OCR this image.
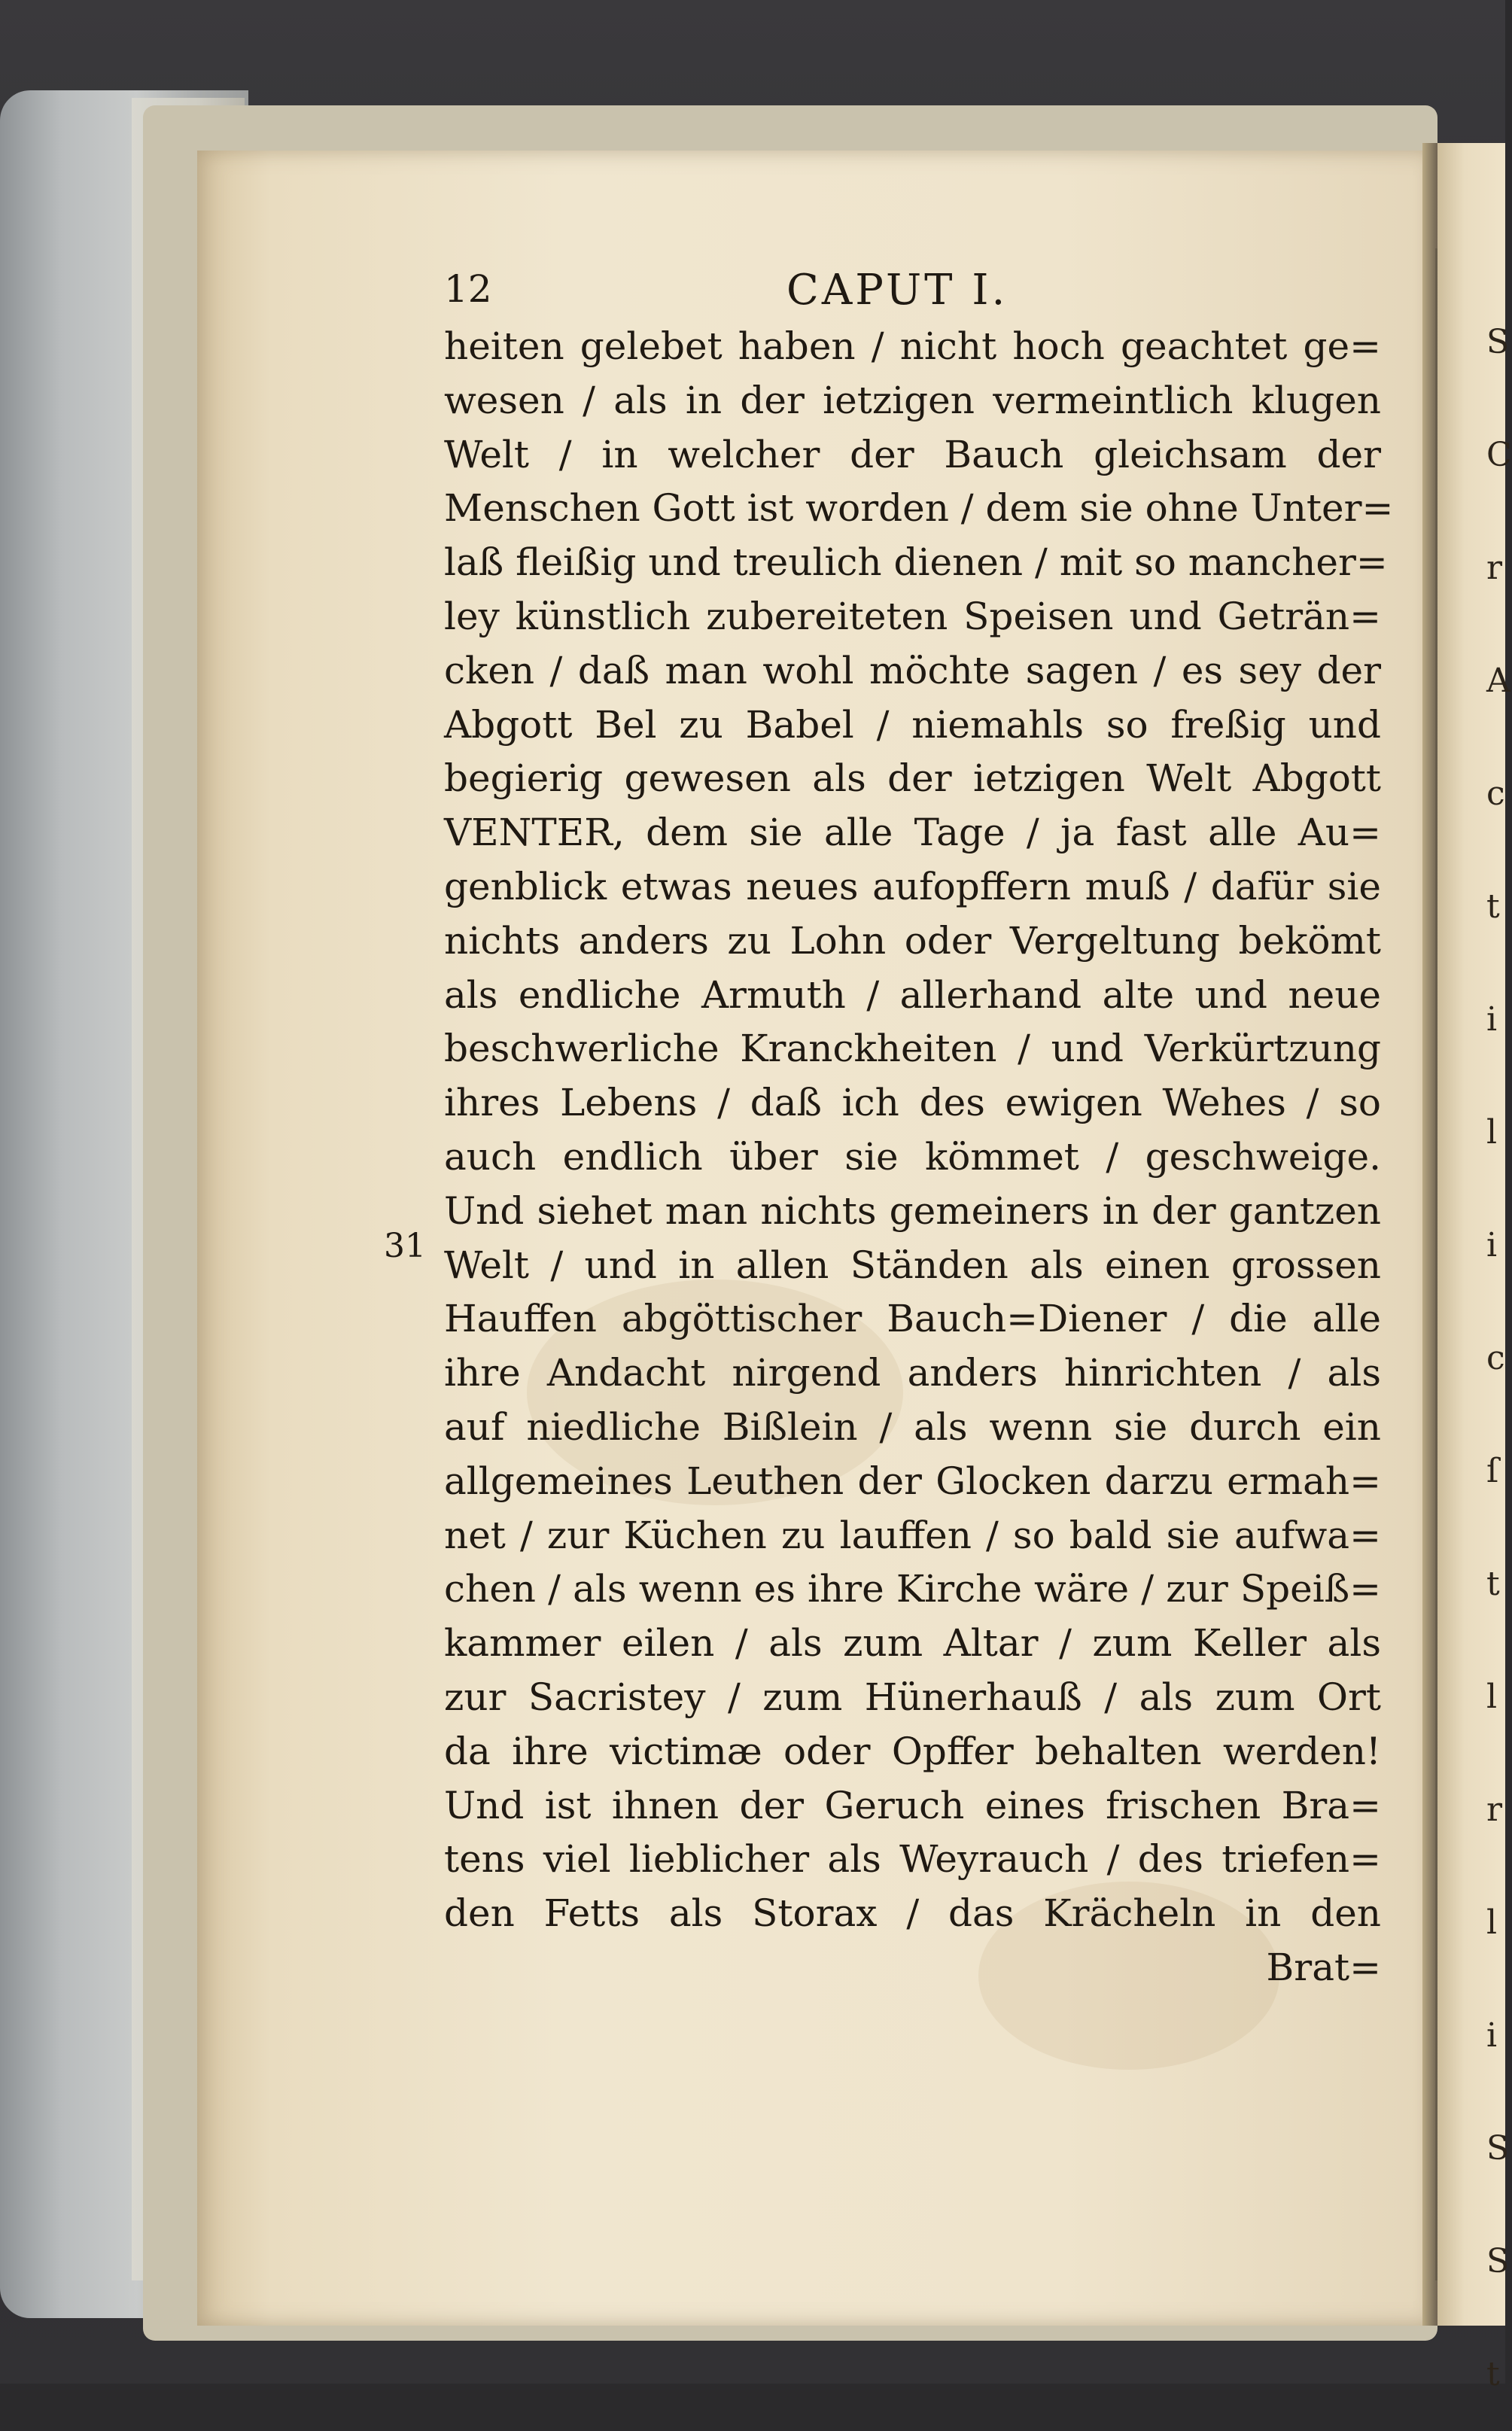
S C r A c t i l i c ſ t l r l i S S t
31
12	CAPUT I.
heiten gelebet haben / nicht hoch geachtet ge=
wesen / als in der ietzigen vermeintlich klugen
Welt / in welcher der Bauch gleichsam der
Menschen Gott ist worden / dem sie ohne Unter=
laß fleißig und treulich dienen / mit so mancher=
ley künstlich zubereiteten Speisen und Geträn=
cken / daß man wohl möchte sagen / es sey der
Abgott Bel zu Babel / niemahls so freßig und
begierig gewesen als der ietzigen Welt Abgott
VENTER, dem sie alle Tage / ja fast alle Au=
genblick etwas neues aufopffern muß / dafür sie
nichts anders zu Lohn oder Vergeltung bekömt
als endliche Armuth / allerhand alte und neue
beschwerliche Kranckheiten / und Verkürtzung
ihres Lebens / daß ich des ewigen Wehes / so
auch endlich über sie kömmet / geschweige.
Und siehet man nichts gemeiners in der gantzen
Welt / und in allen Ständen als einen grossen
Hauffen abgöttischer Bauch=Diener / die alle
ihre Andacht nirgend anders hinrichten / als
auf niedliche Bißlein / als wenn sie durch ein
allgemeines Leuthen der Glocken darzu ermah=
net / zur Küchen zu lauffen / so bald sie aufwa=
chen / als wenn es ihre Kirche wäre / zur Speiß=
kammer eilen / als zum Altar / zum Keller als
zur Sacristey / zum Hünerhauß / als zum Ort
da ihre victimæ oder Opffer behalten werden!
Und ist ihnen der Geruch eines frischen Bra=
tens viel lieblicher als Weyrauch / des triefen=
den Fetts als Storax / das Krächeln in den
Brat=
